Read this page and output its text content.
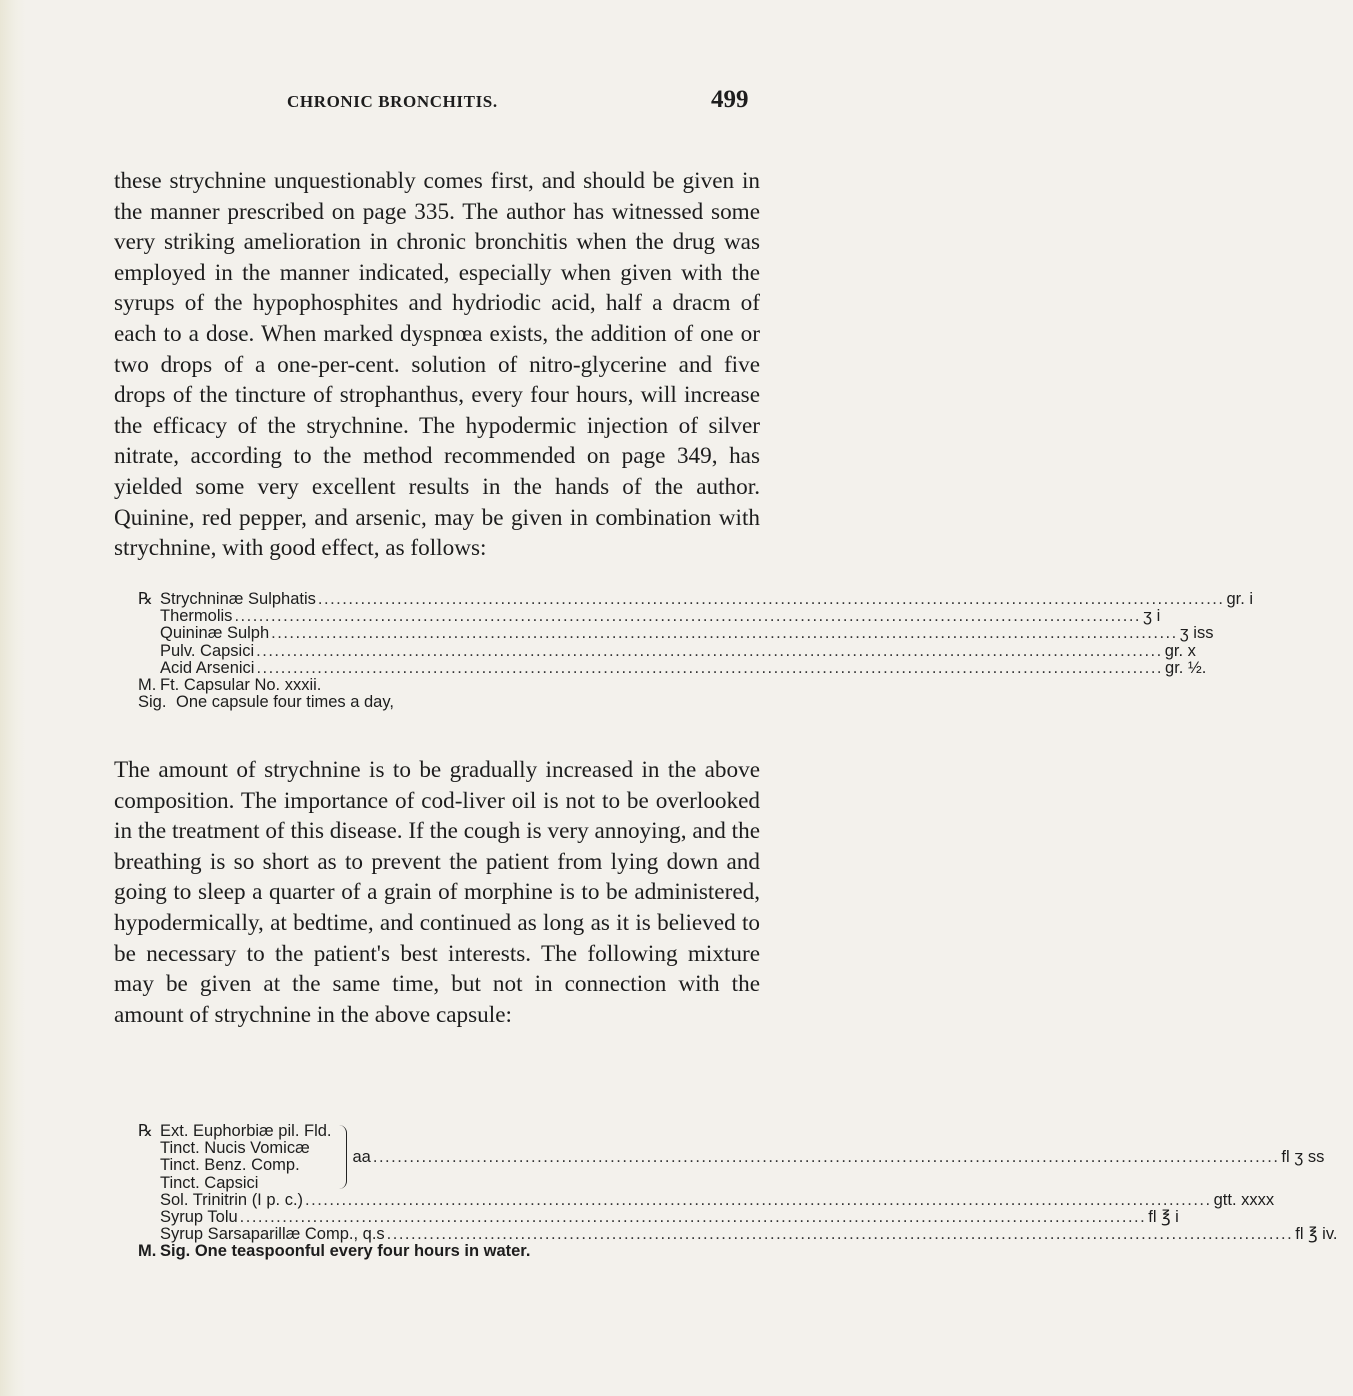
CHRONIC BRONCHITIS.	499

these strychnine unquestionably comes first, and should be given in the manner prescribed on page 335. The author has witnessed some very striking amelioration in chronic bronchitis when the drug was employed in the manner indicated, especially when given with the syrups of the hypophosphites and hydriodic acid, half a dracm of each to a dose. When marked dyspnœa exists, the addition of one or two drops of a one-per-cent. solution of nitro-glycerine and five drops of the tincture of strophanthus, every four hours, will increase the efficacy of the strychnine. The hypodermic injection of silver nitrate, according to the method recommended on page 349, has yielded some very excellent results in the hands of the author. Quinine, red pepper, and arsenic, may be given in combination with strychnine, with good effect, as follows:

℞ Strychninæ Sulphatis .....	gr. i
Thermolis .....	ʒ i
Quininæ Sulph .....	ʒ iss
Pulv. Capsici .....	gr. x
Acid Arsenici .....	gr. ½.
M. Ft. Capsular No. xxxii.
Sig. One capsule four times a day,

The amount of strychnine is to be gradually increased in the above composition. The importance of cod-liver oil is not to be overlooked in the treatment of this disease. If the cough is very annoying, and the breathing is so short as to prevent the patient from lying down and going to sleep a quarter of a grain of morphine is to be administered, hypodermically, at bedtime, and continued as long as it is believed to be necessary to the patient's best interests. The following mixture may be given at the same time, but not in connection with the amount of strychnine in the above capsule:

℞ Ext. Euphorbiæ pil. Fld.
Tinct. Nucis Vomicæ
Tinct. Benz. Comp.
Tinct. Capsici
aa .....	fl ʒ ss
Sol. Trinitrin (I p. c.) .....	gtt. xxxx
Syrup Tolu .....	fl ℥ i
Syrup Sarsaparillæ Comp., q.s .....	fl ℥ iv.
M. Sig. One teaspoonful every four hours in water.
